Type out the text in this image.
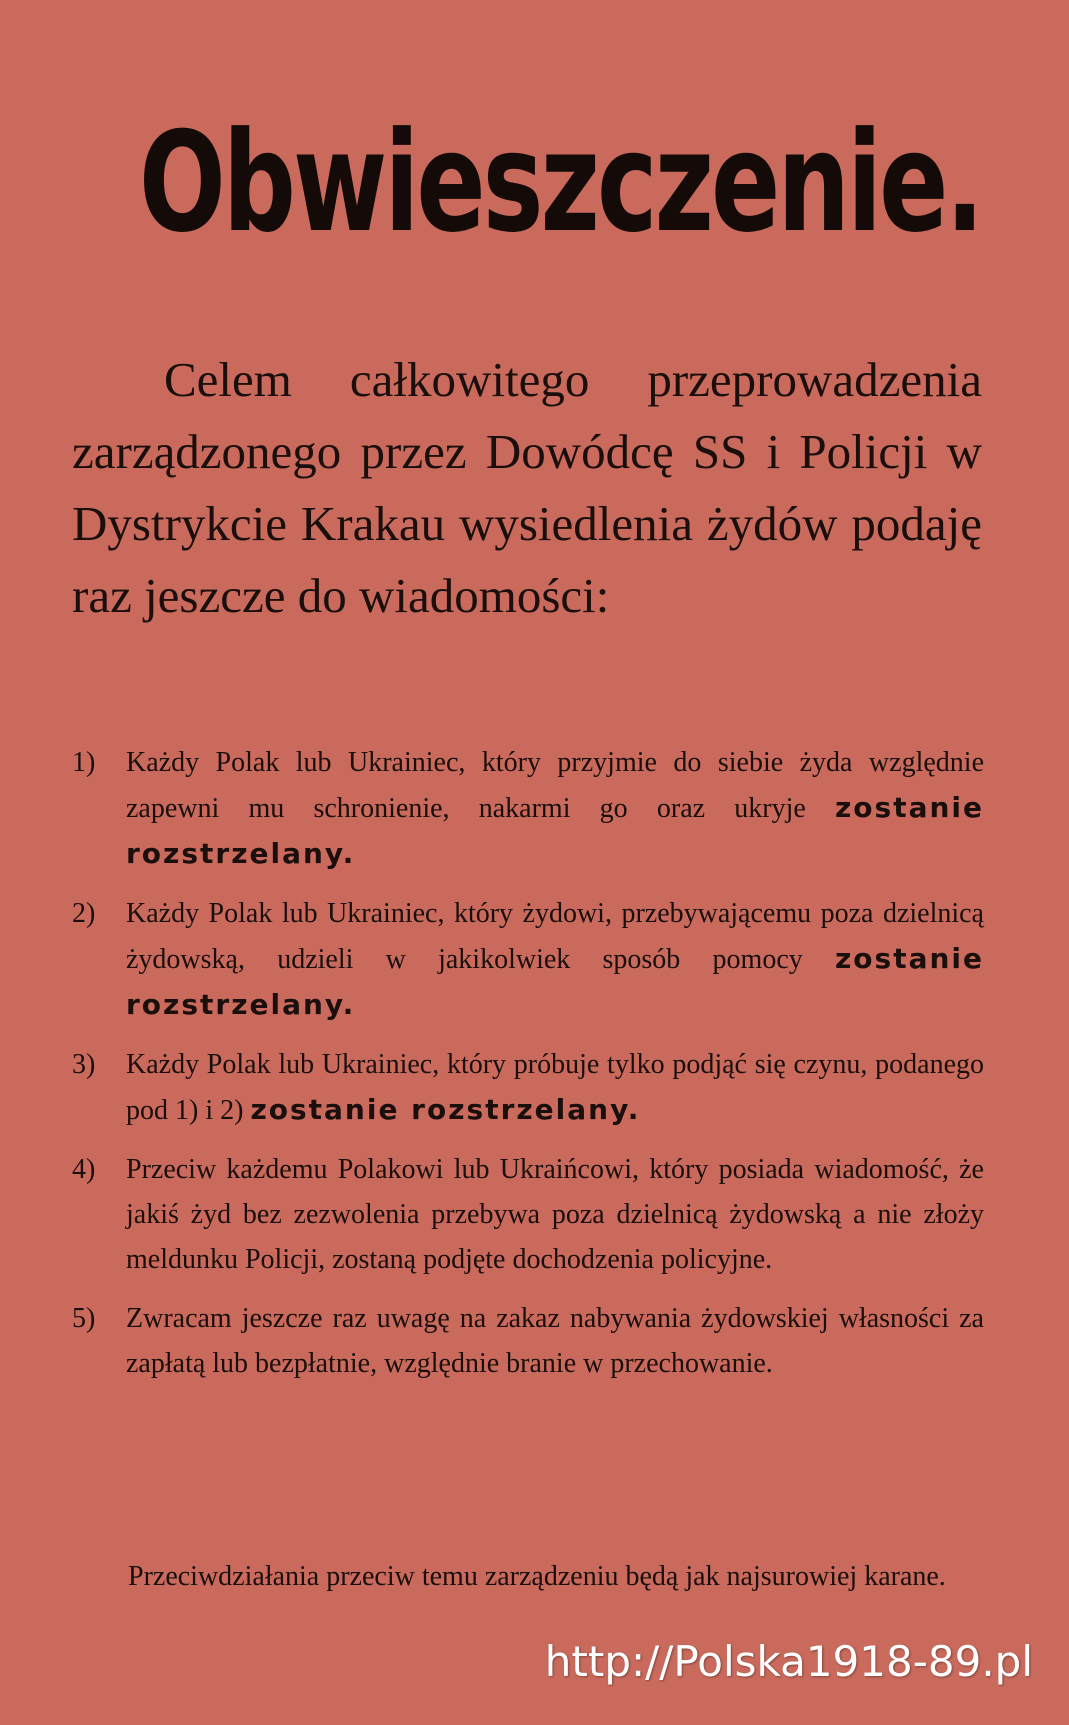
Obwieszczenie.
Celem całkowitego przeprowadzenia zarządzonego przez Dowódcę SS i Policji w Dystrykcie Krakau wysiedlenia żydów podaję raz jeszcze do wiadomości:
1) Każdy Polak lub Ukrainiec, który przyjmie do siebie żyda względnie zapewni mu schronienie, nakarmi go oraz ukryje zostanie rozstrzelany.
2) Każdy Polak lub Ukrainiec, który żydowi, przebywającemu poza dzielnicą żydowską, udzieli w jakikolwiek sposób pomocy zostanie rozstrzelany.
3) Każdy Polak lub Ukrainiec, który próbuje tylko podjąć się czynu, podanego pod 1) i 2) zostanie rozstrzelany.
4) Przeciw każdemu Polakowi lub Ukraińcowi, który posiada wiadomość, że jakiś żyd bez zezwolenia przebywa poza dzielnicą żydowską a nie złoży meldunku Policji, zostaną podjęte dochodzenia policyjne.
5) Zwracam jeszcze raz uwagę na zakaz nabywania żydowskiej własności za zapłatą lub bezpłatnie, względnie branie w przechowanie.
Przeciwdziałania przeciw temu zarządzeniu będą jak najsurowiej karane.
http://Polska1918-89.pl
